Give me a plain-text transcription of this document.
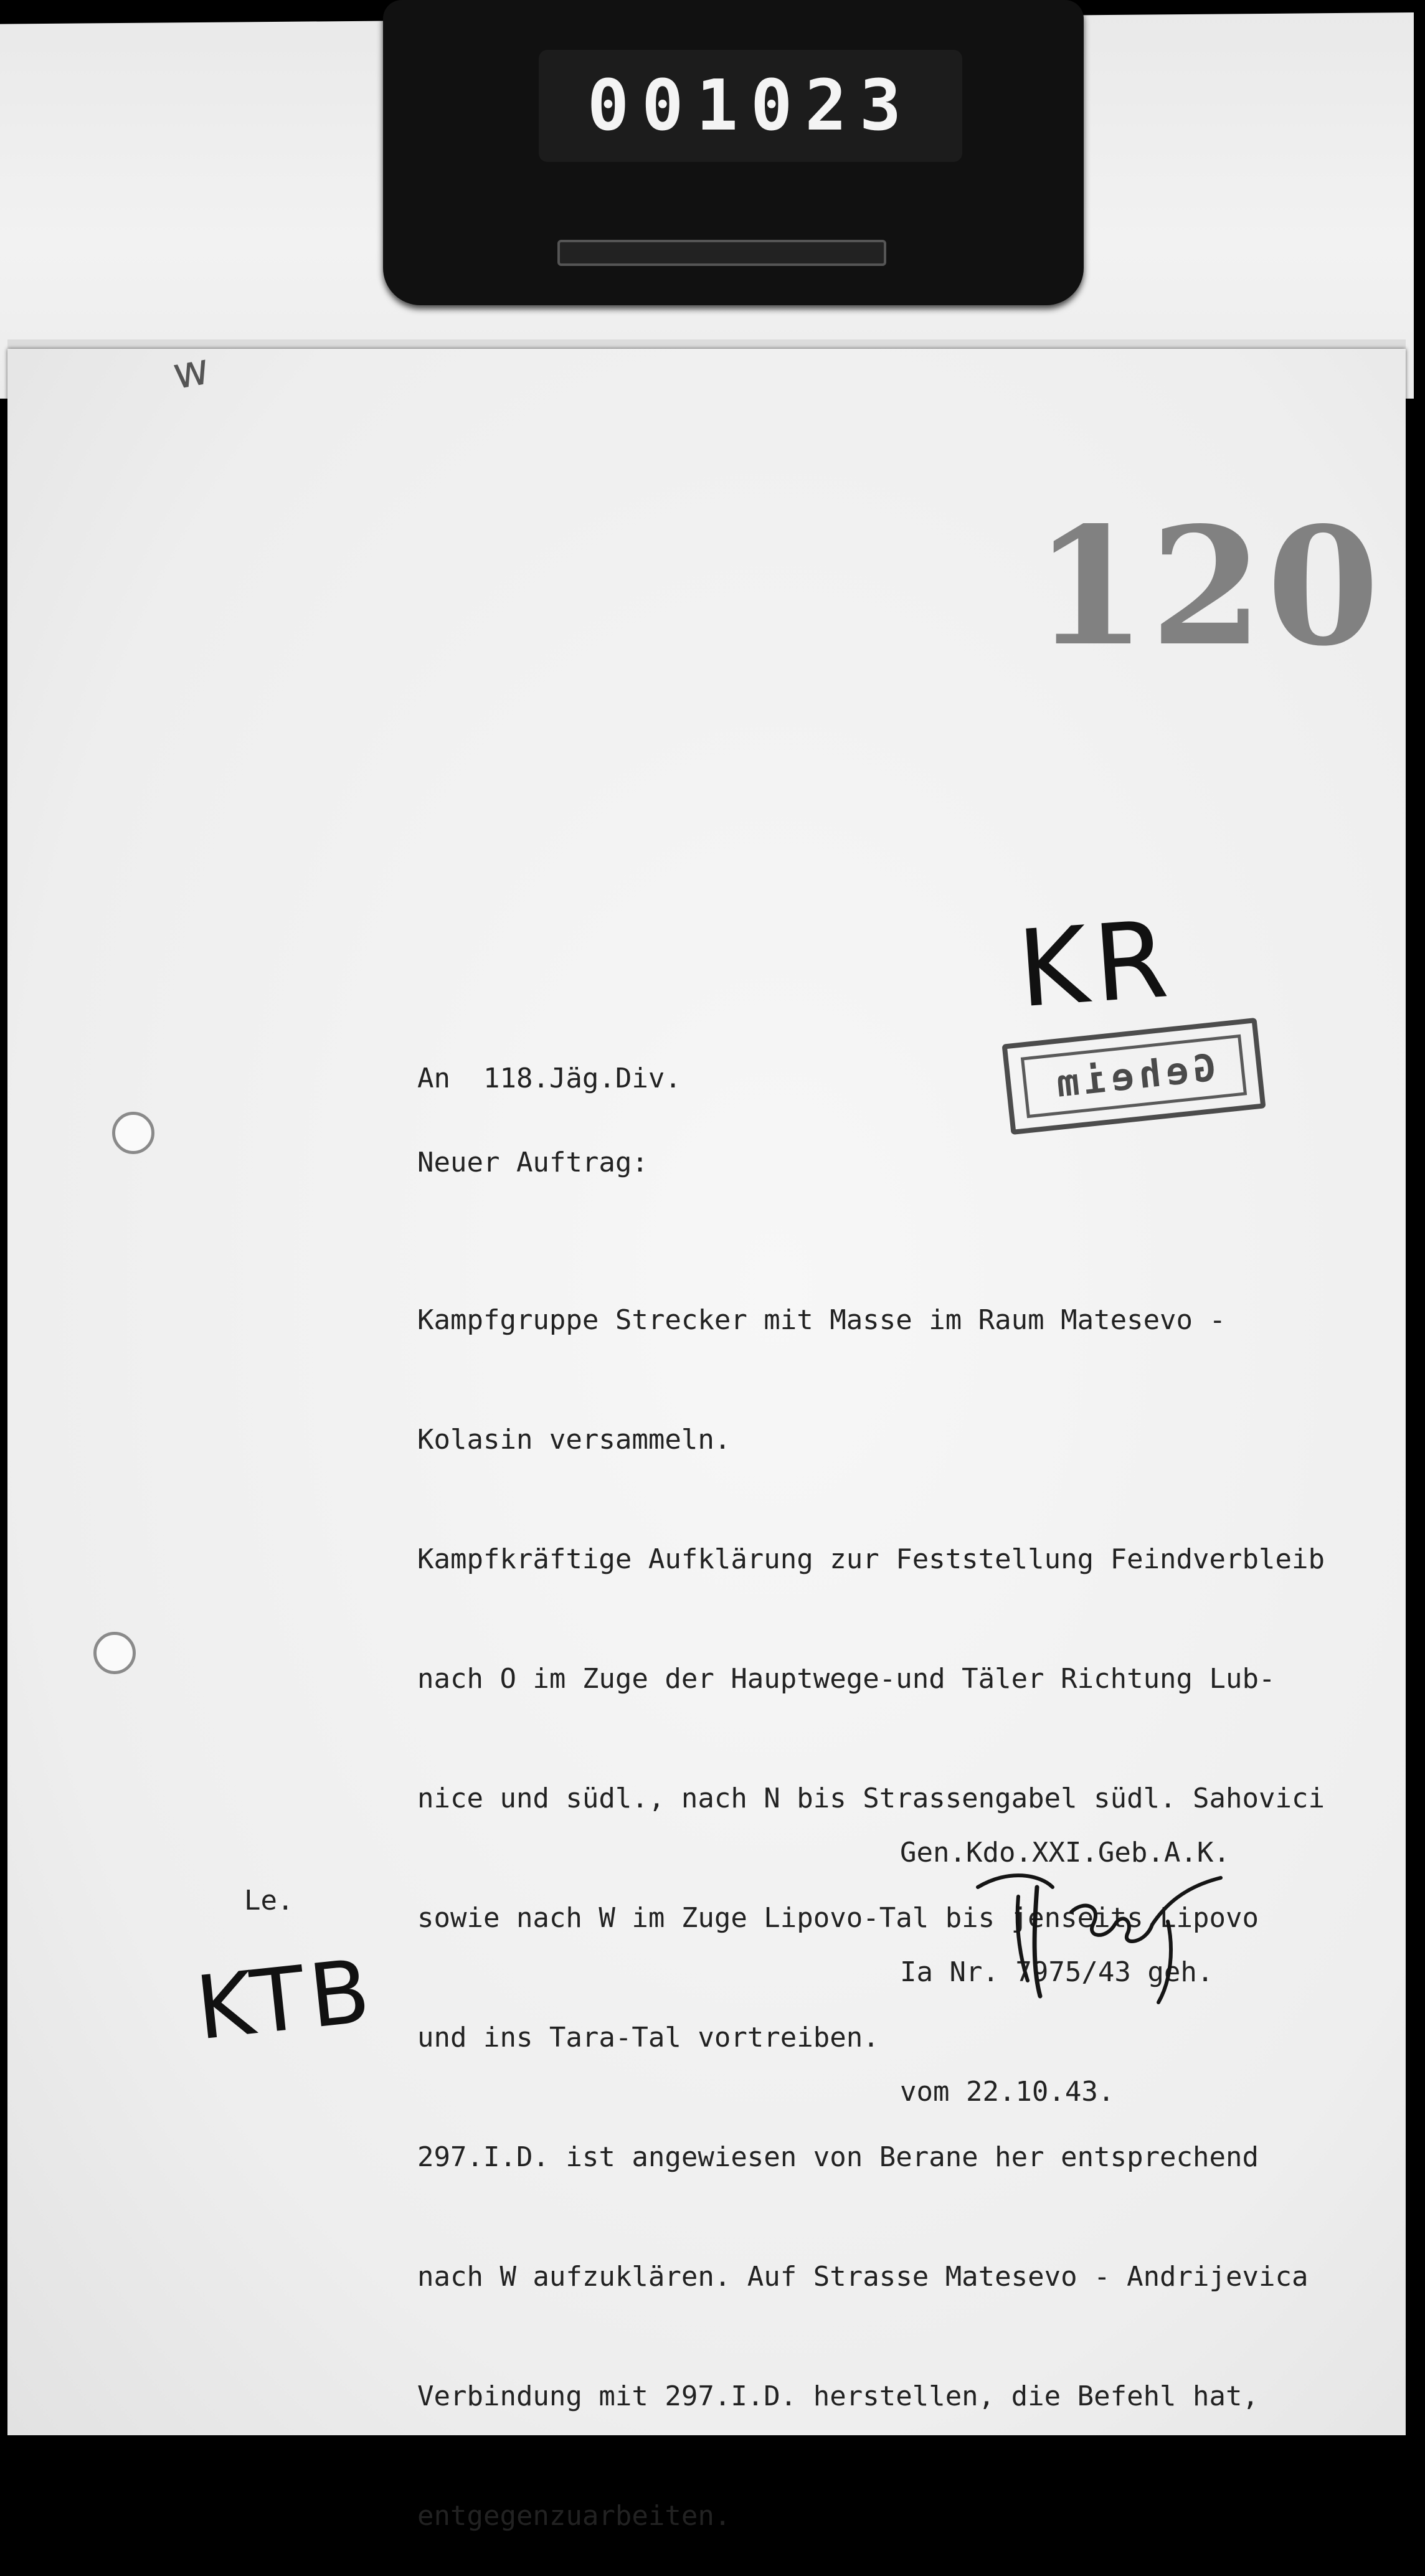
001023
w
120
KR
Geheim
An  118.Jäg.Div.
Neuer Auftrag:

Kampfgruppe Strecker mit Masse im Raum Matesevo -

Kolasin versammeln.

Kampfkräftige Aufklärung zur Feststellung Feindverbleib

nach O im Zuge der Hauptwege-und Täler Richtung Lub-

nice und südl., nach N bis Strassengabel südl. Sahovici

sowie nach W im Zuge Lipovo-Tal bis jenseits Lipovo

und ins Tara-Tal vortreiben.

297.I.D. ist angewiesen von Berane her entsprechend

nach W aufzuklären. Auf Strasse Matesevo - Andrijevica

Verbindung mit 297.I.D. herstellen, die Befehl hat,

entgegenzuarbeiten.

Gen.Kdo.XXI.Geb.A.K.

Ia Nr. 7975/43 geh.

vom 22.10.43.

Le.
KTB
